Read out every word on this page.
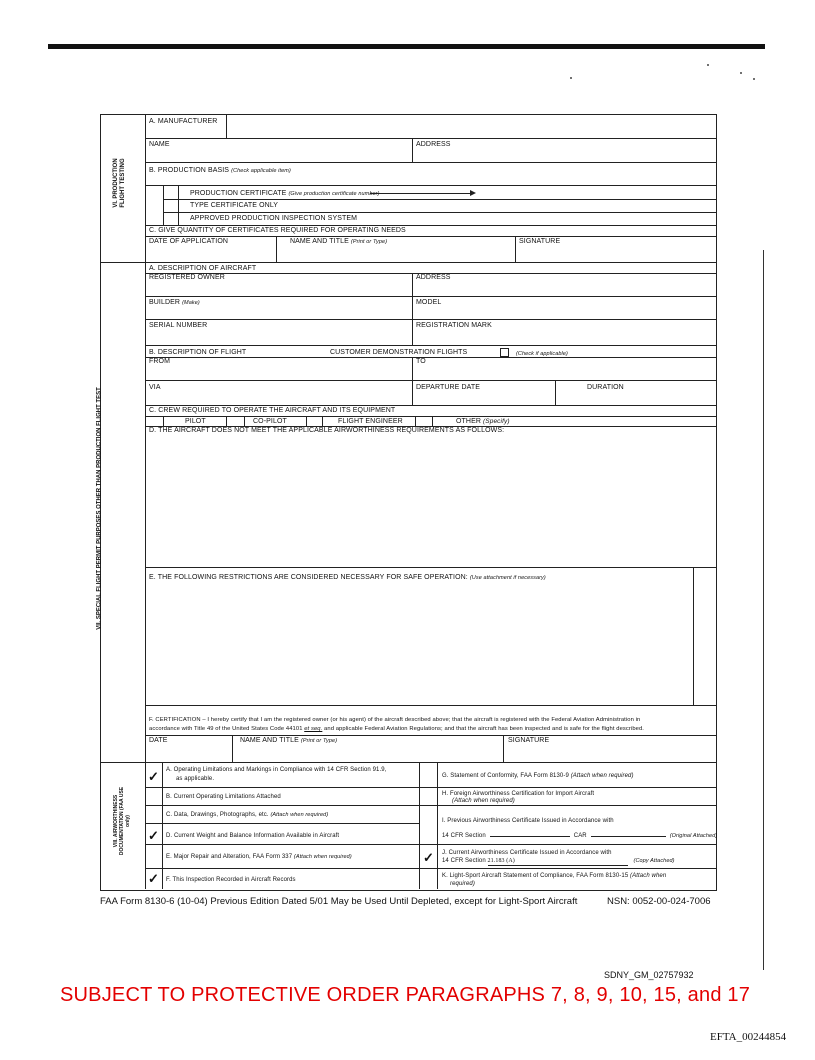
VI. PRODUCTION
FLIGHT TESTING
A. MANUFACTURER
NAME	ADDRESS
B. PRODUCTION BASIS (Check applicable item)
PRODUCTION CERTIFICATE (Give production certificate number)
TYPE CERTIFICATE ONLY
APPROVED PRODUCTION INSPECTION SYSTEM
C. GIVE QUANTITY OF CERTIFICATES REQUIRED FOR OPERATING NEEDS
DATE OF APPLICATION	NAME AND TITLE (Print or Type)	SIGNATURE
VII. SPECIAL FLIGHT PERMIT PURPOSES OTHER THAN PRODUCTION FLIGHT TEST
A. DESCRIPTION OF AIRCRAFT
REGISTERED OWNER	ADDRESS
BUILDER (Make)	MODEL
SERIAL NUMBER	REGISTRATION MARK
B. DESCRIPTION OF FLIGHT	CUSTOMER DEMONSTRATION FLIGHTS	(Check if applicable)
FROM	TO
VIA	DEPARTURE DATE	DURATION
C. CREW REQUIRED TO OPERATE THE AIRCRAFT AND ITS EQUIPMENT
PILOT	CO-PILOT	FLIGHT ENGINEER	OTHER (Specify)
D. THE AIRCRAFT DOES NOT MEET THE APPLICABLE AIRWORTHINESS REQUIREMENTS AS FOLLOWS:
E. THE FOLLOWING RESTRICTIONS ARE CONSIDERED NECESSARY FOR SAFE OPERATION: (Use attachment if necessary)
F. CERTIFICATION – I hereby certify that I am the registered owner (or his agent) of the aircraft described above; that the aircraft is registered with the Federal Aviation Administration in
accordance with Title 49 of the United States Code 44101 et seq. and applicable Federal Aviation Regulations; and that the aircraft has been inspected and is safe for the flight described.
DATE	NAME AND TITLE (Print or Type)	SIGNATURE
VIII. AIRWORTHINESS
DOCUMENTATION (FAA USE
only)
✓ A. Operating Limitations and Markings in Compliance with 14 CFR Section 91.9,
as applicable.
B. Current Operating Limitations Attached
C. Data, Drawings, Photographs, etc. (Attach when required)
✓ D. Current Weight and Balance Information Available in Aircraft
E. Major Repair and Alteration, FAA Form 337 (Attach when required)
✓ F. This Inspection Recorded in Aircraft Records
G. Statement of Conformity, FAA Form 8130-9 (Attach when required)
H. Foreign Airworthiness Certification for Import Aircraft
(Attach when required)
I. Previous Airworthiness Certificate Issued in Accordance with
14 CFR Section	CAR	(Original Attached)
✓ J. Current Airworthiness Certificate Issued in Accordance with
14 CFR Section 21.183 (A)	(Copy Attached)
K. Light-Sport Aircraft Statement of Compliance, FAA Form 8130-15 (Attach when
required)
FAA Form 8130-6 (10-04) Previous Edition Dated 5/01 May be Used Until Depleted, except for Light-Sport Aircraft	NSN: 0052-00-024-7006
SDNY_GM_02757932
SUBJECT TO PROTECTIVE ORDER PARAGRAPHS 7, 8, 9, 10, 15, and 17
EFTA_00244854
